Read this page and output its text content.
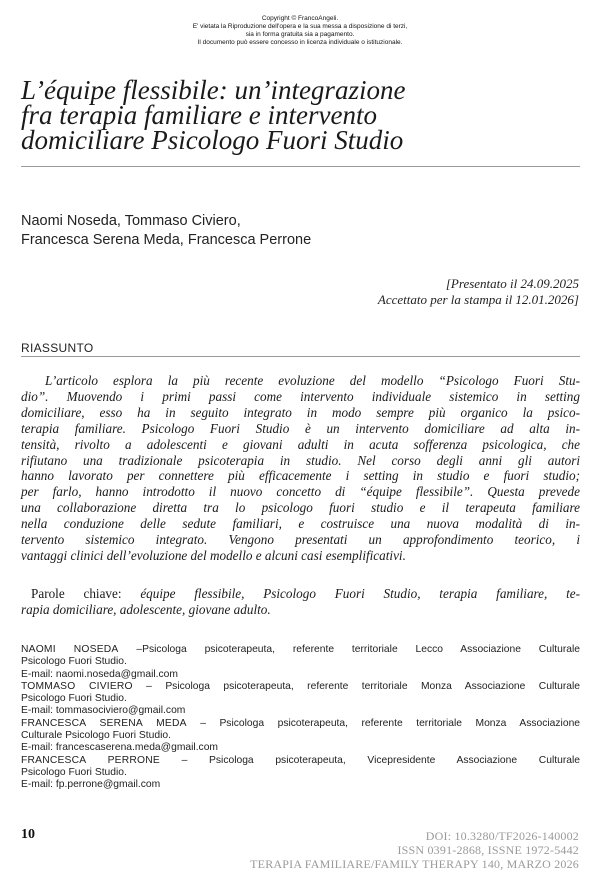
Copyright © FrancoAngeli.
E' vietata la Riproduzione dell'opera e la sua messa a disposizione di terzi,
sia in forma gratuita sia a pagamento.
Il documento può essere concesso in licenza individuale o istituzionale.
L’équipe flessibile: un’integrazione
fra terapia familiare e intervento
domiciliare Psicologo Fuori Studio
Naomi Noseda, Tommaso Civiero,
Francesca Serena Meda, Francesca Perrone
[Presentato il 24.09.2025
Accettato per la stampa il 12.01.2026]
RIASSUNTO
L’articolo esplora la più recente evoluzione del modello “Psicologo Fuori Stu-
dio”. Muovendo i primi passi come intervento individuale sistemico in setting
domiciliare, esso ha in seguito integrato in modo sempre più organico la psico-
terapia familiare. Psicologo Fuori Studio è un intervento domiciliare ad alta in-
tensità, rivolto a adolescenti e giovani adulti in acuta sofferenza psicologica, che
rifiutano una tradizionale psicoterapia in studio. Nel corso degli anni gli autori
hanno lavorato per connettere più efficacemente i setting in studio e fuori studio;
per farlo, hanno introdotto il nuovo concetto di “équipe flessibile”. Questa prevede
una collaborazione diretta tra lo psicologo fuori studio e il terapeuta familiare
nella conduzione delle sedute familiari, e costruisce una nuova modalità di in-
tervento sistemico integrato. Vengono presentati un approfondimento teorico, i
vantaggi clinici dell’evoluzione del modello e alcuni casi esemplificativi.
Parole chiave: équipe flessibile, Psicologo Fuori Studio, terapia familiare, te-
rapia domiciliare, adolescente, giovane adulto.
NAOMI NOSEDA –Psicologa psicoterapeuta, referente territoriale Lecco Associazione Culturale
Psicologo Fuori Studio.
E-mail: naomi.noseda@gmail.com
TOMMASO CIVIERO – Psicologa psicoterapeuta, referente territoriale Monza Associazione Culturale
Psicologo Fuori Studio.
E-mail: tommasociviero@gmail.com
FRANCESCA SERENA MEDA – Psicologa psicoterapeuta, referente territoriale Monza Associazione
Culturale Psicologo Fuori Studio.
E-mail: francescaserena.meda@gmail.com
FRANCESCA PERRONE – Psicologa psicoterapeuta, Vicepresidente Associazione Culturale
Psicologo Fuori Studio.
E-mail: fp.perrone@gmail.com
10	DOI: 10.3280/TF2026-140002
ISSN 0391-2868, ISSNE 1972-5442
TERAPIA FAMILIARE/FAMILY THERAPY 140, MARZO 2026
